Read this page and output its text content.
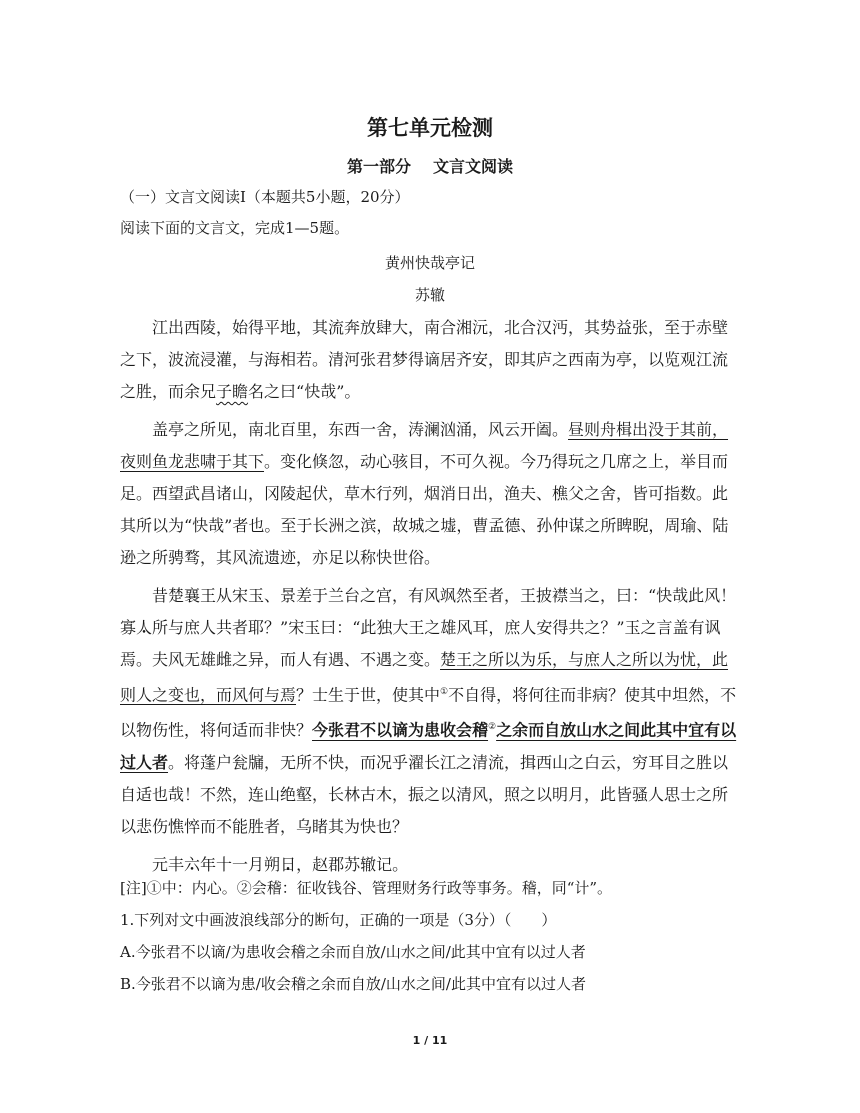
第七单元检测
第一部分 文言文阅读
（一）文言文阅读Ⅰ（本题共5小题，20分）
阅读下面的文言文，完成1—5题。
黄州快哉亭记
苏辙

江出西陵，始得平地，其流奔放肆大，南合湘沅，北合汉沔，其势益张，至于赤壁之下，波流浸灌，与海相若。清河张君梦得谪居齐安，即其庐之西南为亭，以览观江流之胜，而余兄子瞻名之曰“快哉”。

盖亭之所见，南北百里，东西一舍，涛澜汹涌，风云开阖。昼则舟楫出没于其前，夜则鱼龙悲啸于其下。变化倏忽，动心骇目，不可久视。今乃得玩之几席之上，举目而足。西望武昌诸山，冈陵起伏，草木行列，烟消日出，渔夫、樵父之舍，皆可指数。此其所以为“快哉”者也。至于长洲之滨，故城之墟，曹孟德、孙仲谋之所睥睨，周瑜、陆逊之所骋骛，其风流遗迹，亦足以称快世俗。

昔楚襄王从宋玉、景差于兰台之宫，有风飒然至者，王披襟当之，曰：“快哉此风！寡人所与庶人共者耶？”宋玉曰：“此独大王之雄风耳，庶人安得共之？”玉之言盖有讽焉。夫风无雄雌之异，而人有遇、不遇之变。楚王之所以为乐，与庶人之所以为忧，此则人之变也，而风何与焉？士生于世，使其中①不自得，将何往而非病？使其中坦然，不以物伤性，将何适而非快？今张君不以谪为患收会稽②之余而自放山水之间此其中宜有以过人者。将蓬户瓮牖，无所不快，而况乎濯长江之清流，揖西山之白云，穷耳目之胜以自适也哉！不然，连山绝壑，长林古木，振之以清风，照之以明月，此皆骚人思士之所以悲伤憔悴而不能胜者，乌睹其为快也？

元丰六年十一月朔日，赵郡苏辙记。

[注]①中：内心。②会稽：征收钱谷、管理财务行政等事务。稽，同“计”。
1.下列对文中画波浪线部分的断句，正确的一项是（3分）（　　）
A.今张君不以谪/为患收会稽之余而自放/山水之间/此其中宜有以过人者
B.今张君不以谪为患/收会稽之余而自放/山水之间/此其中宜有以过人者
1 / 11
